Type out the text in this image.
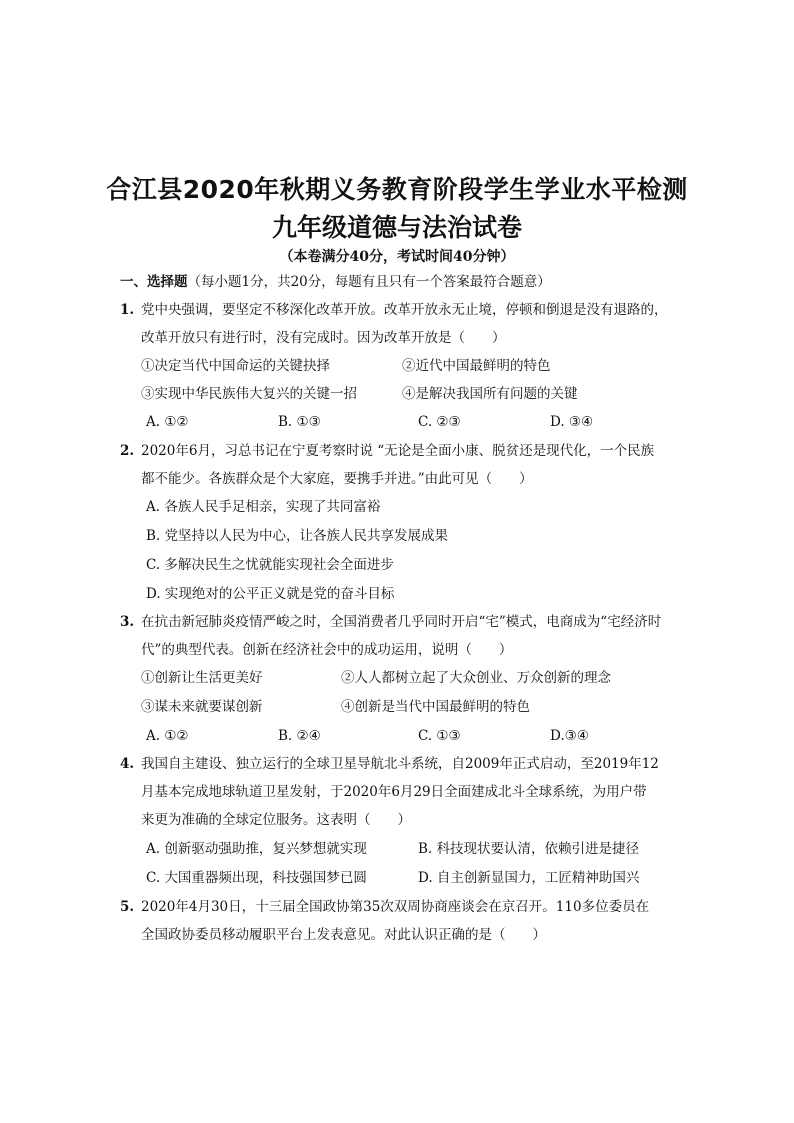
合江县2020年秋期义务教育阶段学生学业水平检测
九年级道德与法治试卷
（本卷满分40分，考试时间40分钟）
一、选择题（每小题1分，共20分，每题有且只有一个答案最符合题意）
1. 党中央强调，要坚定不移深化改革开放。改革开放永无止境，停顿和倒退是没有退路的，
改革开放只有进行时，没有完成时。因为改革开放是（　　）
①决定当代中国命运的关键抉择	②近代中国最鲜明的特色
③实现中华民族伟大复兴的关键一招	④是解决我国所有问题的关键
A. ①②	B. ①③	C. ②③	D. ③④
2. 2020年6月，习总书记在宁夏考察时说 “无论是全面小康、脱贫还是现代化，一个民族
都不能少。各族群众是个大家庭，要携手并进。”由此可见（　　）
A. 各族人民手足相亲，实现了共同富裕
B. 党坚持以人民为中心，让各族人民共享发展成果
C. 多解决民生之忧就能实现社会全面进步
D. 实现绝对的公平正义就是党的奋斗目标
3. 在抗击新冠肺炎疫情严峻之时，全国消费者几乎同时开启“宅”模式，电商成为“宅经济时
代”的典型代表。创新在经济社会中的成功运用，说明（　　）
①创新让生活更美好	②人人都树立起了大众创业、万众创新的理念
③谋未来就要谋创新	④创新是当代中国最鲜明的特色
A. ①②	B. ②④	C. ①③	D.③④
4. 我国自主建设、独立运行的全球卫星导航北斗系统，自2009年正式启动，至2019年12
月基本完成地球轨道卫星发射，于2020年6月29日全面建成北斗全球系统，为用户带
来更为准确的全球定位服务。这表明（　　）
A. 创新驱动强助推，复兴梦想就实现	B. 科技现状要认清，依赖引进是捷径
C. 大国重器频出现，科技强国梦已圆	D. 自主创新显国力，工匠精神助国兴
5. 2020年4月30日，十三届全国政协第35次双周协商座谈会在京召开。110多位委员在
全国政协委员移动履职平台上发表意见。对此认识正确的是（　　）
